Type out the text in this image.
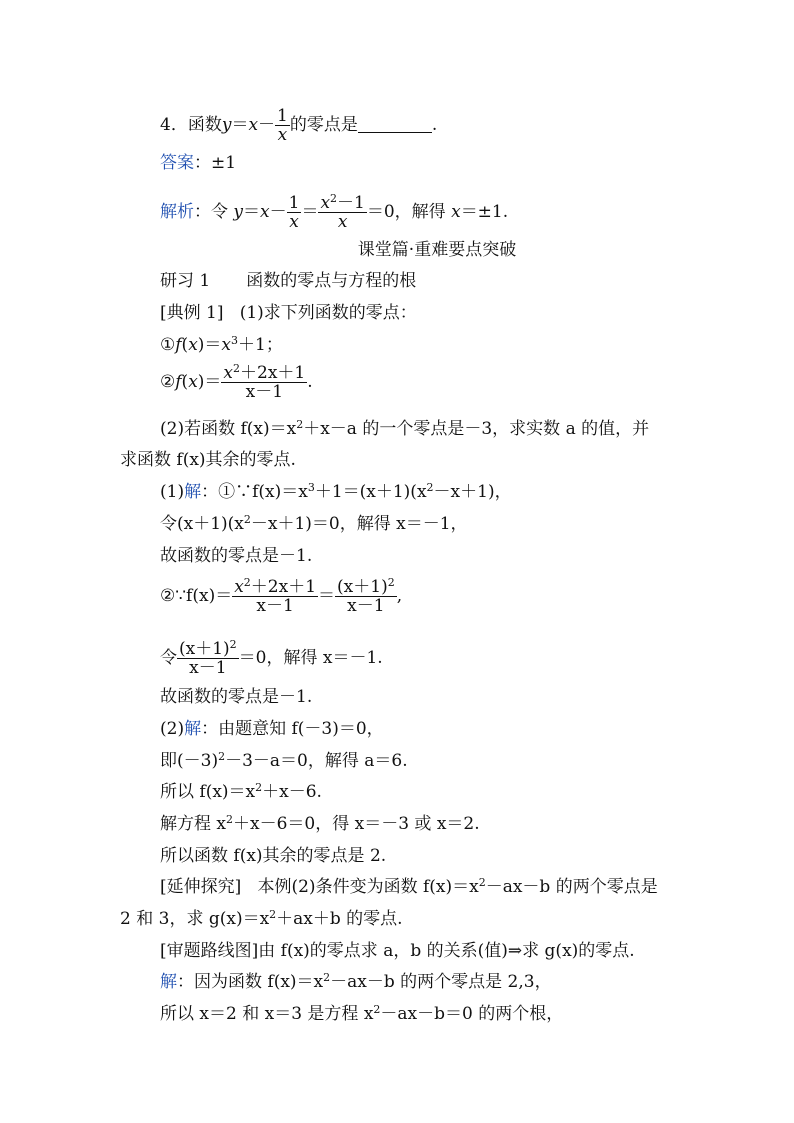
4．函数$y=x- \frac{1}{x}$ 的零点是	.
答案：±1
解析：令 $y=x- \frac{1}{x} = \frac{x^2-1}{x} =0$，解得 x＝±1.
课堂篇·重难要点突破
研习 1 函数的零点与方程的根
[典例 1] (1)求下列函数的零点：
$①f(x)=x^3+1$；
②f(x)＝ $\frac{x^2+2x+1}{x-1}$ .
(2)若函数 $f(x)=x^2+x-a$ 的一个零点是－3，求实数 a 的值，并
求函数 f(x)其余的零点.
(1)解：$①\because f(x)=x^3+1=(x+1)(x^2-x+1)$，
令$(x+1)(x^2-x+1)=0$，解得 x＝－1，
故函数的零点是－1.
②∵f(x)＝ $\frac{x^2+2x+1}{x-1} = \frac{(x+1)^2}{x-1}$ ,
令 $\frac{(x+1)^2}{x-1} =0$，解得 x＝－1.
故函数的零点是－1.
(2)解：由题意知 f(－3)＝0，
即$(-3)^2-3-a=0$，解得 a＝6.
所以 $f(x)=x^2+x-6$.
解方程 $x^2+x-6=0$，得 x＝－3 或 x＝2.
所以函数 f(x)其余的零点是 2.
[延伸探究] 本例(2)条件变为函数 $f(x)=x^2-ax-b$ 的两个零点是
2 和 3，求 $g(x)=x^2+ax+b$ 的零点.
[审题路线图]由 f(x)的零点求 a，b 的关系(值)⇒求 g(x)的零点.
解：因为函数 $f(x)=x^2-ax-b$ 的两个零点是 2,3，
所以 x＝2 和 x＝3 是方程 $x^2-ax-b=0$ 的两个根，
